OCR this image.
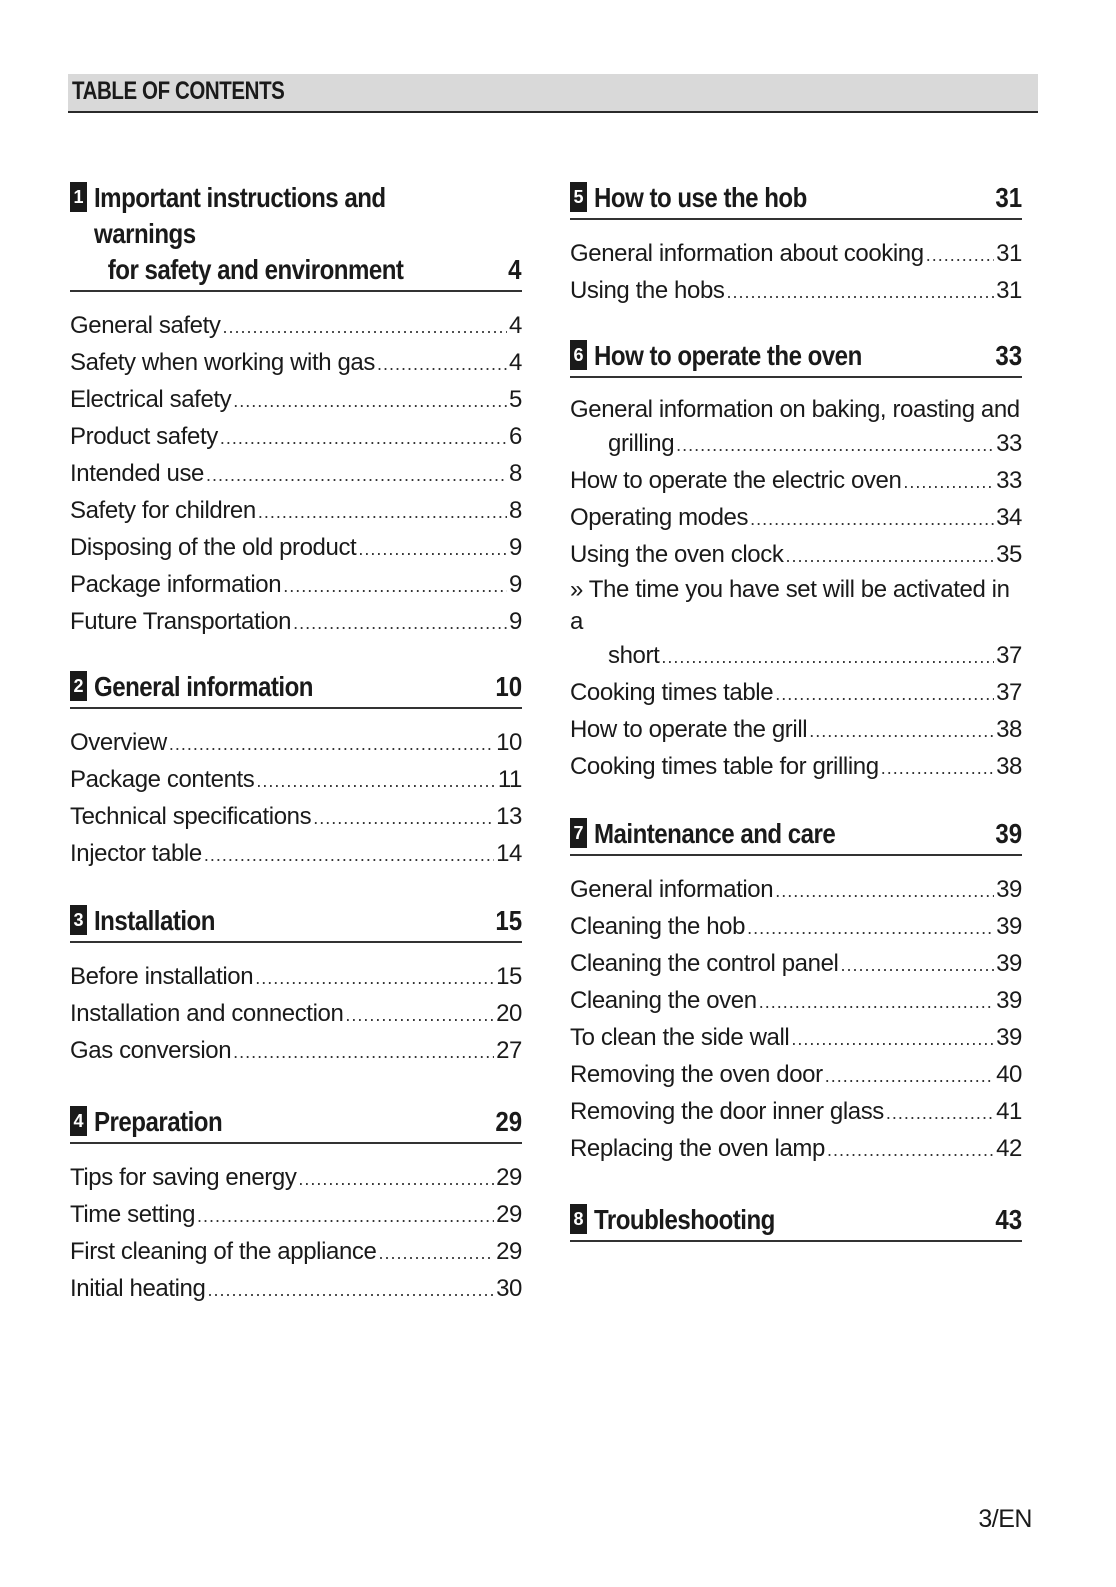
TABLE OF CONTENTS
1 Important instructions and warnings
for safety and environment	4
General safety .....	4
Safety when working with gas .....	4
Electrical safety .....	5
Product safety .....	6
Intended use .....	8
Safety for children .....	8
Disposing of the old product .....	9
Package information .....	9
Future Transportation .....	9
2 General information	10
Overview .....	10
Package contents .....	11
Technical specifications .....	13
Injector table .....	14
3 Installation	15
Before installation .....	15
Installation and connection .....	20
Gas conversion .....	27
4 Preparation	29
Tips for saving energy .....	29
Time setting .....	29
First cleaning of the appliance .....	29
Initial heating .....	30
5 How to use the hob	31
General information about cooking .....	31
Using the hobs .....	31
6 How to operate the oven	33
General information on baking, roasting and
grilling .....	33
How to operate the electric oven .....	33
Operating modes .....	34
Using the oven clock .....	35
» The time you have set will be activated in a
short .....	37
Cooking times table .....	37
How to operate the grill .....	38
Cooking times table for grilling .....	38
7 Maintenance and care	39
General information .....	39
Cleaning the hob .....	39
Cleaning the control panel .....	39
Cleaning the oven .....	39
To clean the side wall .....	39
Removing the oven door .....	40
Removing the door inner glass .....	41
Replacing the oven lamp .....	42
8 Troubleshooting	43
3/EN
